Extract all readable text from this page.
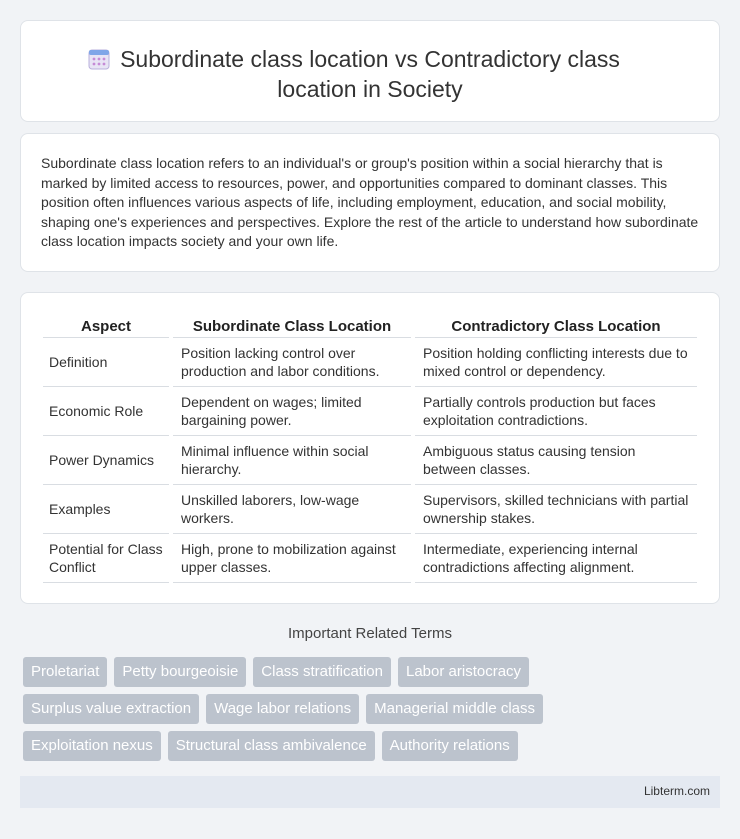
Subordinate class location vs Contradictory class location in Society

Subordinate class location refers to an individual's or group's position within a social hierarchy that is marked by limited access to resources, power, and opportunities compared to dominant classes. This position often influences various aspects of life, including employment, education, and social mobility, shaping one's experiences and perspectives. Explore the rest of the article to understand how subordinate class location impacts society and your own life.

Aspect	Subordinate Class Location	Contradictory Class Location
Definition	Position lacking control over production and labor conditions.	Position holding conflicting interests due to mixed control or dependency.
Economic Role	Dependent on wages; limited bargaining power.	Partially controls production but faces exploitation contradictions.
Power Dynamics	Minimal influence within social hierarchy.	Ambiguous status causing tension between classes.
Examples	Unskilled laborers, low-wage workers.	Supervisors, skilled technicians with partial ownership stakes.
Potential for Class Conflict	High, prone to mobilization against upper classes.	Intermediate, experiencing internal contradictions affecting alignment.
Important Related Terms
Proletariat	Petty bourgeoisie	Class stratification	Labor aristocracy
Surplus value extraction	Wage labor relations	Managerial middle class
Exploitation nexus	Structural class ambivalence	Authority relations
Libterm.com
